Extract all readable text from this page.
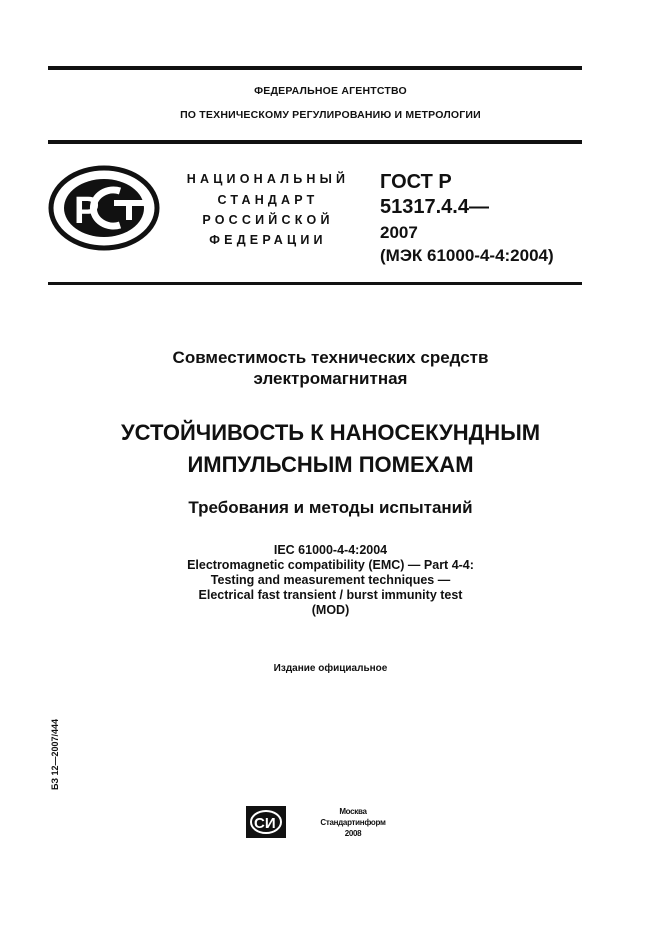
ФЕДЕРАЛЬНОЕ АГЕНТСТВО
ПО ТЕХНИЧЕСКОМУ РЕГУЛИРОВАНИЮ И МЕТРОЛОГИИ
Р
НАЦИОНАЛЬНЫЙ
СТАНДАРТ
РОССИЙСКОЙ
ФЕДЕРАЦИИ
ГОСТ Р
51317.4.4—
2007
(МЭК 61000-4-4:2004)
Совместимость технических средств
электромагнитная
УСТОЙЧИВОСТЬ К НАНОСЕКУНДНЫМ
ИМПУЛЬСНЫМ ПОМЕХАМ
Требования и методы испытаний
IEC 61000-4-4:2004
Electromagnetic compatibility (EMC) — Part 4-4:
Testing and measurement techniques —
Electrical fast transient / burst immunity test
(MOD)
Издание официальное
БЗ 12—2007/444
СИ
Москва
Стандартинформ
2008
